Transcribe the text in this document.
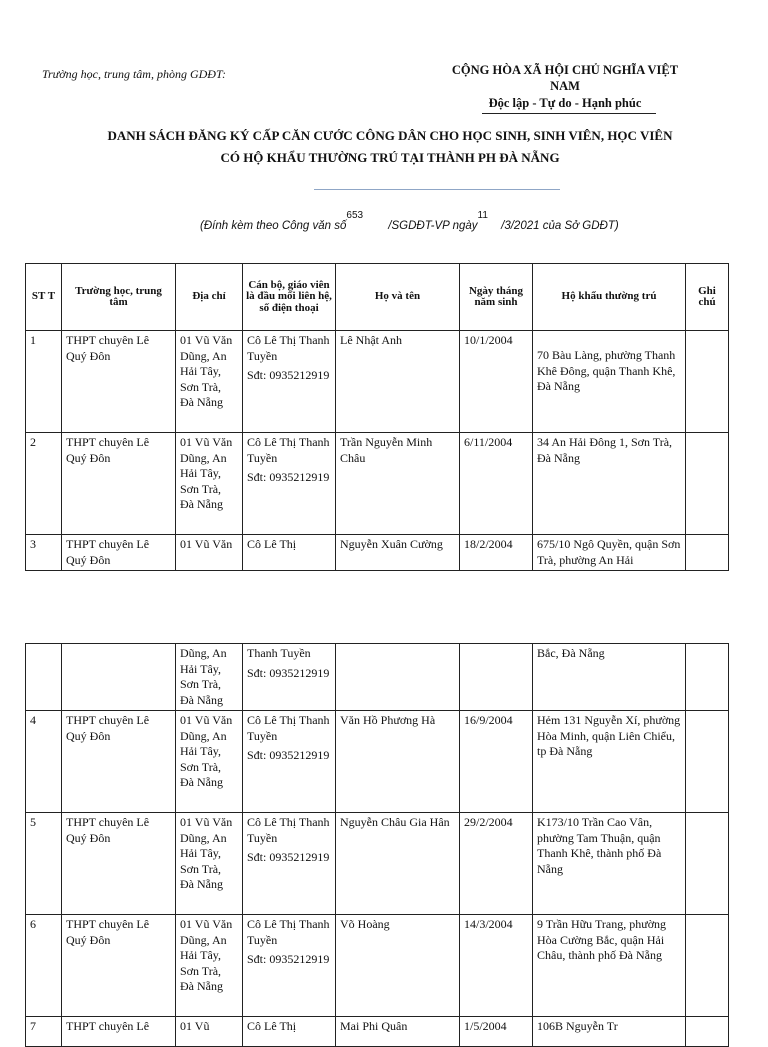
Trường học, trung tâm, phòng GDĐT:	CỘNG HÒA XÃ HỘI CHỦ NGHĨA VIỆT
NAM
Độc lập - Tự do - Hạnh phúc
DANH SÁCH ĐĂNG KÝ CẤP CĂN CƯỚC CÔNG DÂN CHO HỌC SINH, SINH VIÊN, HỌC VIÊN
CÓ HỘ KHẨU THƯỜNG TRÚ TẠI THÀNH PH ĐÀ NẴNG
(Đính kèm theo Công văn số$^{653}$ /SGDĐT-VP ngày$^{11}$ /3/2021 của Sở GDĐT)
ST T	Trường học, trung tâm	Địa chỉ	Cán bộ, giáo viên là đầu mối liên hệ, số điện thoại	Họ và tên	Ngày tháng năm sinh	Hộ khẩu thường trú	Ghi chú

1	THPT chuyên Lê Quý Đôn	01 Vũ Văn Dũng, An Hải Tây, Sơn Trà, Đà Nẵng	Cô Lê Thị Thanh Tuyền
Sđt: 0935212919	Lê Nhật Anh	10/1/2004	70 Bàu Làng, phường Thanh Khê Đông, quận Thanh Khê, Đà Nẵng	

2	THPT chuyên Lê Quý Đôn	01 Vũ Văn Dũng, An Hải Tây, Sơn Trà, Đà Nẵng	Cô Lê Thị Thanh Tuyền
Sđt: 0935212919	Trần Nguyễn Minh Châu	6/11/2004	34 An Hải Đông 1, Sơn Trà, Đà Nẵng	

3	THPT chuyên Lê Quý Đôn	01 Vũ Văn	Cô Lê Thị	Nguyễn Xuân Cường	18/2/2004	675/10 Ngô Quyền, quận Sơn Trà, phường An Hải	

		Dũng, An Hải Tây, Sơn Trà, Đà Nẵng	Thanh Tuyền
Sđt: 0935212919			Bắc, Đà Nẵng	

4	THPT chuyên Lê Quý Đôn	01 Vũ Văn Dũng, An Hải Tây, Sơn Trà, Đà Nẵng	Cô Lê Thị Thanh Tuyền
Sđt: 0935212919	Văn Hồ Phương Hà	16/9/2004	Hẻm 131 Nguyễn Xí, phường Hòa Minh, quận Liên Chiểu, tp Đà Nẵng	

5	THPT chuyên Lê Quý Đôn	01 Vũ Văn Dũng, An Hải Tây, Sơn Trà, Đà Nẵng	Cô Lê Thị Thanh Tuyền
Sđt: 0935212919	Nguyễn Châu Gia Hân	29/2/2004	K173/10 Trần Cao Vân, phường Tam Thuận, quận Thanh Khê, thành phố Đà Nẵng	

6	THPT chuyên Lê Quý Đôn	01 Vũ Văn Dũng, An Hải Tây, Sơn Trà, Đà Nẵng	Cô Lê Thị Thanh Tuyền
Sđt: 0935212919	Võ Hoàng	14/3/2004	9 Trần Hữu Trang, phường Hòa Cường Bắc, quận Hải Châu, thành phố Đà Nẵng	

7	THPT chuyên Lê	01 Vũ	Cô Lê Thị	Mai Phi Quân	1/5/2004	106B Nguyễn Tr	
